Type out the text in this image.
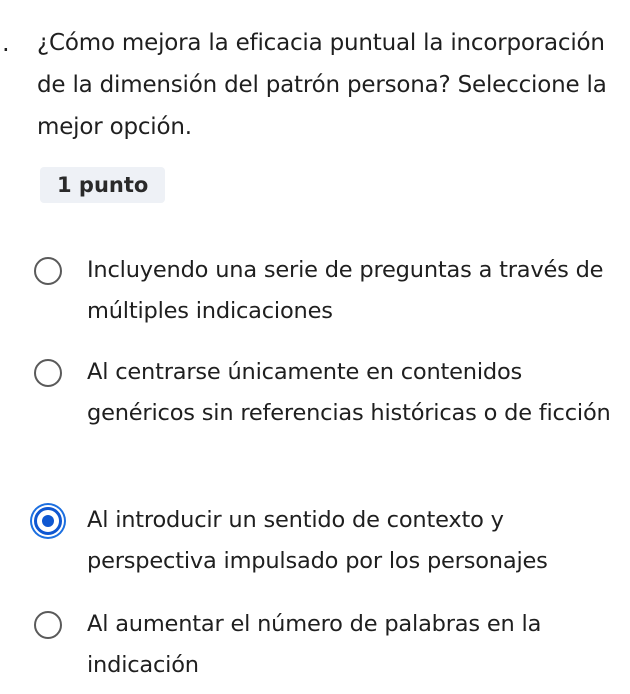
. ¿Cómo mejora la eficacia puntual la incorporación de la dimensión del patrón persona? Seleccione la mejor opción.
1 punto
Incluyendo una serie de preguntas a través de múltiples indicaciones
Al centrarse únicamente en contenidos genéricos sin referencias históricas o de ficción
Al introducir un sentido de contexto y perspectiva impulsado por los personajes
Al aumentar el número de palabras en la indicación
